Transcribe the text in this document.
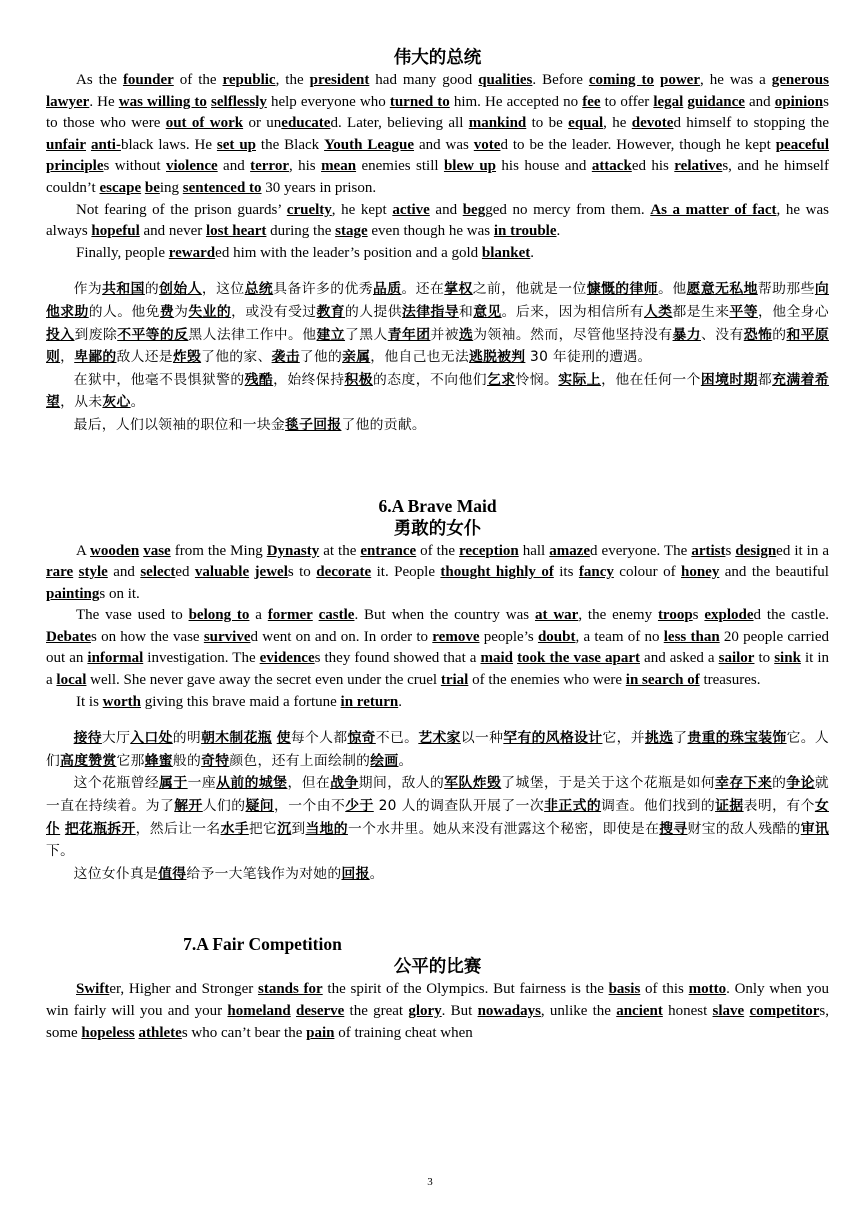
伟大的总统

As the founder of the republic, the president had many good qualities. Before coming to power, he was a generous lawyer. He was willing to selflessly help everyone who turned to him. He accepted no fee to offer legal guidance and opinions to those who were out of work or uneducated. Later, believing all mankind to be equal, he devoted himself to stopping the unfair anti-black laws. He set up the Black Youth League and was voted to be the leader. However, though he kept peaceful principles without violence and terror, his mean enemies still blew up his house and attacked his relatives, and he himself couldn’t escape being sentenced to 30 years in prison.

Not fearing of the prison guards’ cruelty, he kept active and begged no mercy from them. As a matter of fact, he was always hopeful and never lost heart during the stage even though he was in trouble.

Finally, people rewarded him with the leader’s position and a gold blanket.

作为共和国的创始人，这位总统具备许多的优秀品质。还在掌权之前，他就是一位慷慨的律师。他愿意无私地帮助那些向他求助的人。他免费为失业的，或没有受过教育的人提供法律指导和意见。后来，因为相信所有人类都是生来平等，他全身心投入到废除不平等的反黑人法律工作中。他建立了黑人青年团并被选为领袖。然而，尽管他坚持没有暴力、没有恐怖的和平原则，卑鄙的敌人还是炸毁了他的家、袭击了他的亲属，他自己也无法逃脱被判 30 年徒刑的遭遇。

在狱中，他毫不畏惧狱警的残酷，始终保持积极的态度，不向他们乞求怜悯。实际上，他在任何一个困境时期都充满着希望，从未灰心。

最后，人们以领袖的职位和一块金毯子回报了他的贡献。

6.A Brave Maid
勇敢的女仆

A wooden vase from the Ming Dynasty at the entrance of the reception hall amazed everyone. The artists designed it in a rare style and selected valuable jewels to decorate it. People thought highly of its fancy colour of honey and the beautiful paintings on it.

The vase used to belong to a former castle. But when the country was at war, the enemy troops exploded the castle. Debates on how the vase survived went on and on. In order to remove people’s doubt, a team of no less than 20 people carried out an informal investigation. The evidences they found showed that a maid took the vase apart and asked a sailor to sink it in a local well. She never gave away the secret even under the cruel trial of the enemies who were in search of treasures.

It is worth giving this brave maid a fortune in return.

接待大厅入口处的明朝木制花瓶 使每个人都惊奇不已。艺术家以一种罕有的风格设计它，并挑选了贵重的珠宝装饰它。人们高度赞赏它那蜂蜜般的奇特颜色，还有上面绘制的绘画。

这个花瓶曾经属于一座从前的城堡，但在战争期间，敌人的军队炸毁了城堡，于是关于这个花瓶是如何幸存下来的争论就一直在持续着。为了解开人们的疑问，一个由不少于 20 人的调查队开展了一次非正式的调查。他们找到的证据表明，有个女仆 把花瓶拆开，然后让一名水手把它沉到当地的一个水井里。她从来没有泄露这个秘密，即使是在搜寻财宝的敌人残酷的审讯下。

这位女仆真是值得给予一大笔钱作为对她的回报。

7.A Fair Competition
公平的比赛

Swifter, Higher and Stronger stands for the spirit of the Olympics. But fairness is the basis of this motto. Only when you win fairly will you and your homeland deserve the great glory. But nowadays, unlike the ancient honest slave competitors, some hopeless athletes who can’t bear the pain of training cheat when

3
